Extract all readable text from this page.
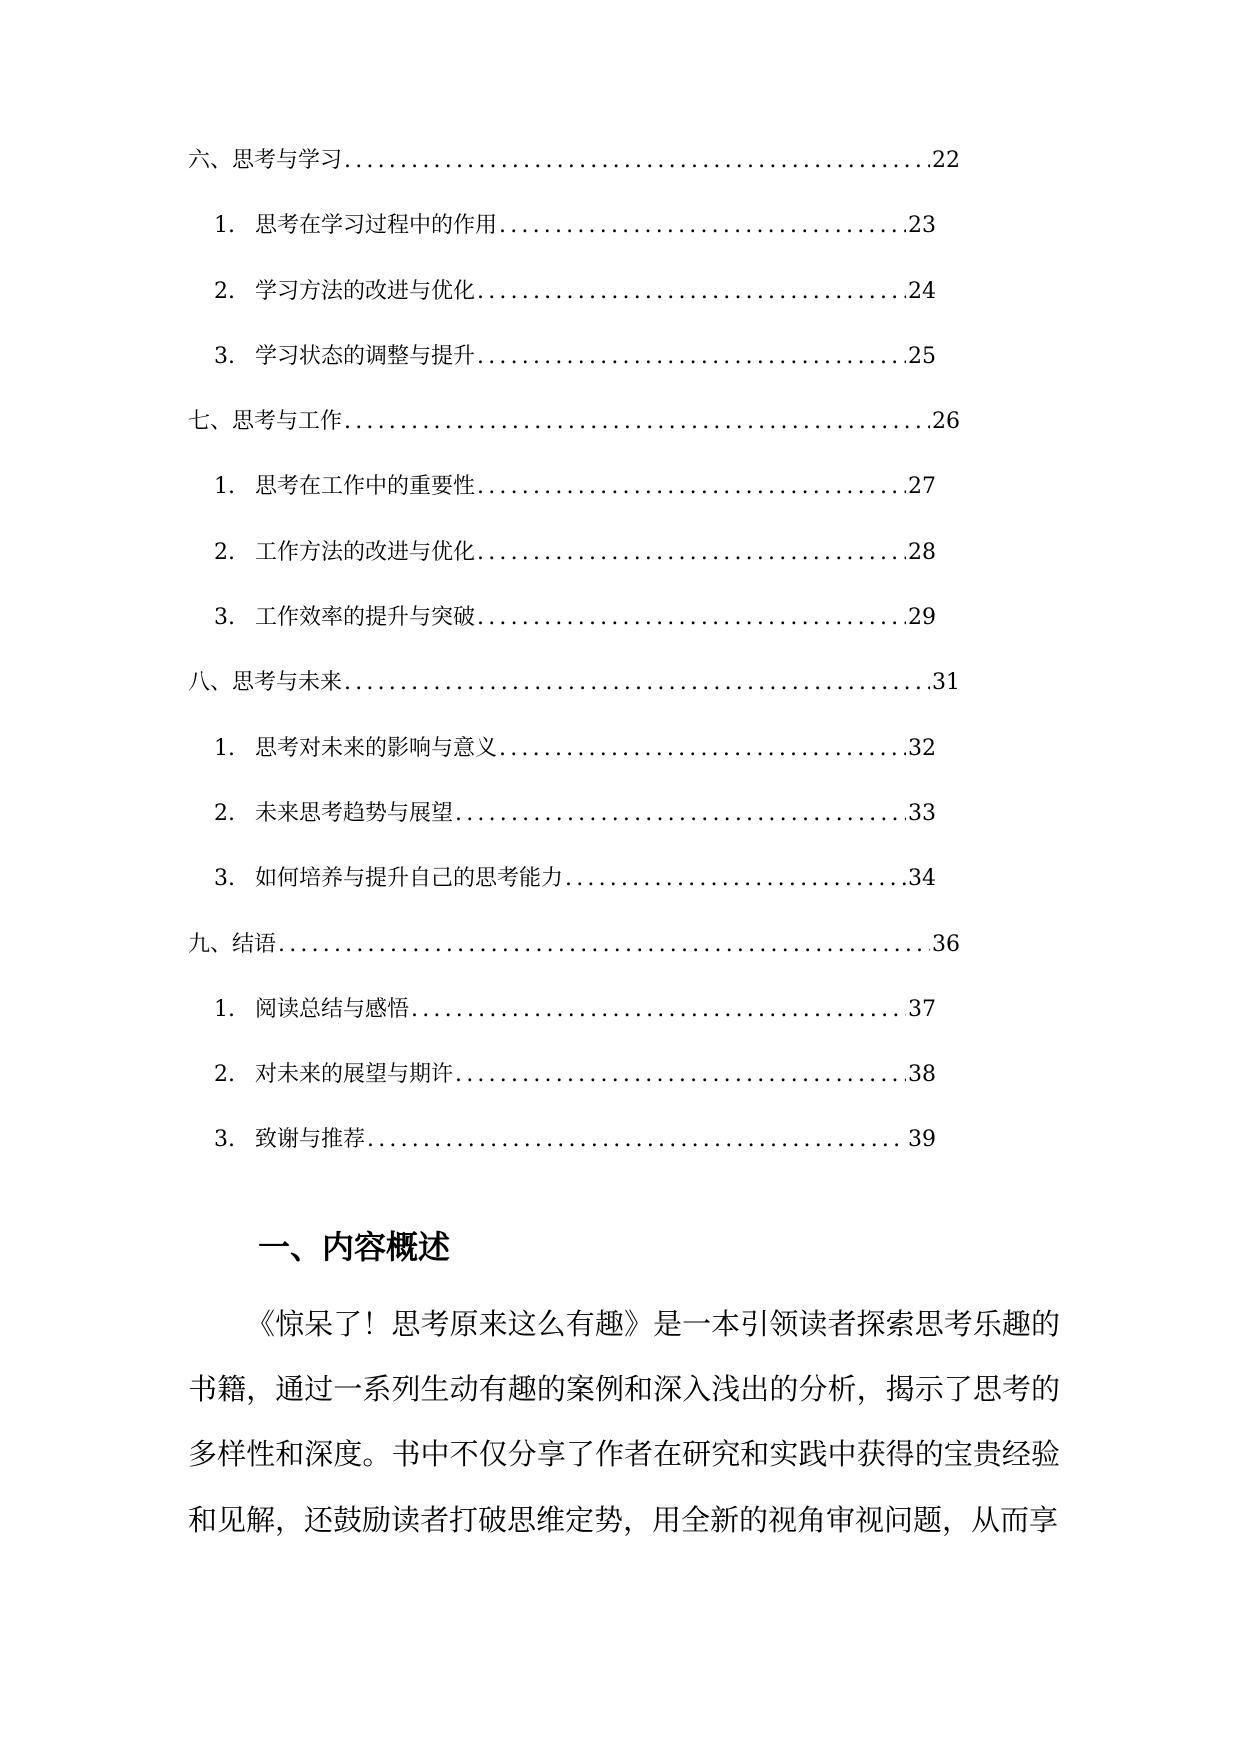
六、思考与学习 .....	22
1. 思考在学习过程中的作用 .....	23
2. 学习方法的改进与优化 .....	24
3. 学习状态的调整与提升 .....	25
七、思考与工作 .....	26
1. 思考在工作中的重要性 .....	27
2. 工作方法的改进与优化 .....	28
3. 工作效率的提升与突破 .....	29
八、思考与未来 .....	31
1. 思考对未来的影响与意义 .....	32
2. 未来思考趋势与展望 .....	33
3. 如何培养与提升自己的思考能力 .....	34
九、结语 .....	36
1. 阅读总结与感悟 .....	37
2. 对未来的展望与期许 .....	38
3. 致谢与推荐 .....	39
一、内容概述

《惊呆了！思考原来这么有趣》是一本引领读者探索思考乐趣的书籍，通过一系列生动有趣的案例和深入浅出的分析，揭示了思考的多样性和深度。书中不仅分享了作者在研究和实践中获得的宝贵经验和见解，还鼓励读者打破思维定势，用全新的视角审视问题，从而享
